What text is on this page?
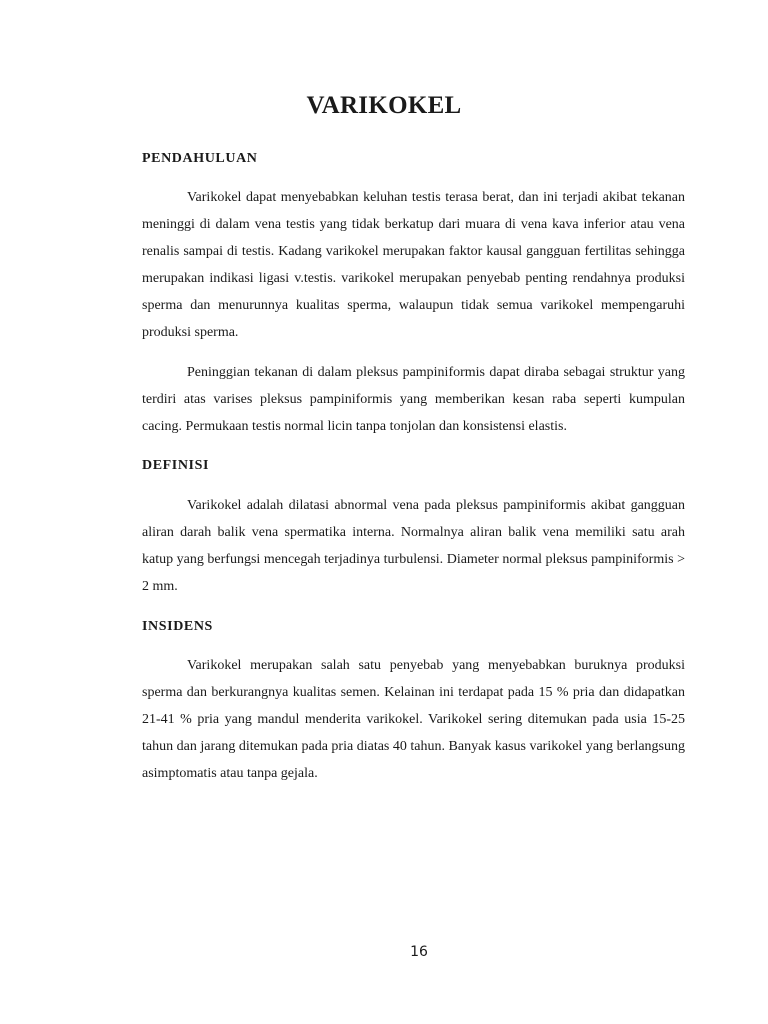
VARIKOKEL
PENDAHULUAN

Varikokel dapat menyebabkan keluhan testis terasa berat, dan ini terjadi akibat tekanan meninggi di dalam vena testis yang tidak berkatup dari muara di vena kava inferior atau vena renalis sampai di testis. Kadang varikokel merupakan faktor kausal gangguan fertilitas sehingga merupakan indikasi ligasi v.testis. varikokel merupakan penyebab penting rendahnya produksi sperma dan menurunnya kualitas sperma, walaupun tidak semua varikokel mempengaruhi produksi sperma.

Peninggian tekanan di dalam pleksus pampiniformis dapat diraba sebagai struktur yang terdiri atas varises pleksus pampiniformis yang memberikan kesan raba seperti kumpulan cacing. Permukaan testis normal licin tanpa tonjolan dan konsistensi elastis.

DEFINISI

Varikokel adalah dilatasi abnormal vena pada pleksus pampiniformis akibat gangguan aliran darah balik vena spermatika interna. Normalnya aliran balik vena memiliki satu arah katup yang berfungsi mencegah terjadinya turbulensi. Diameter normal pleksus pampiniformis > 2 mm.

INSIDENS

Varikokel merupakan salah satu penyebab yang menyebabkan buruknya produksi sperma dan berkurangnya kualitas semen. Kelainan ini terdapat pada 15 % pria dan didapatkan 21-41 % pria yang mandul menderita varikokel. Varikokel sering ditemukan pada usia 15-25 tahun dan jarang ditemukan pada pria diatas 40 tahun. Banyak kasus varikokel yang berlangsung asimptomatis atau tanpa gejala.

16
